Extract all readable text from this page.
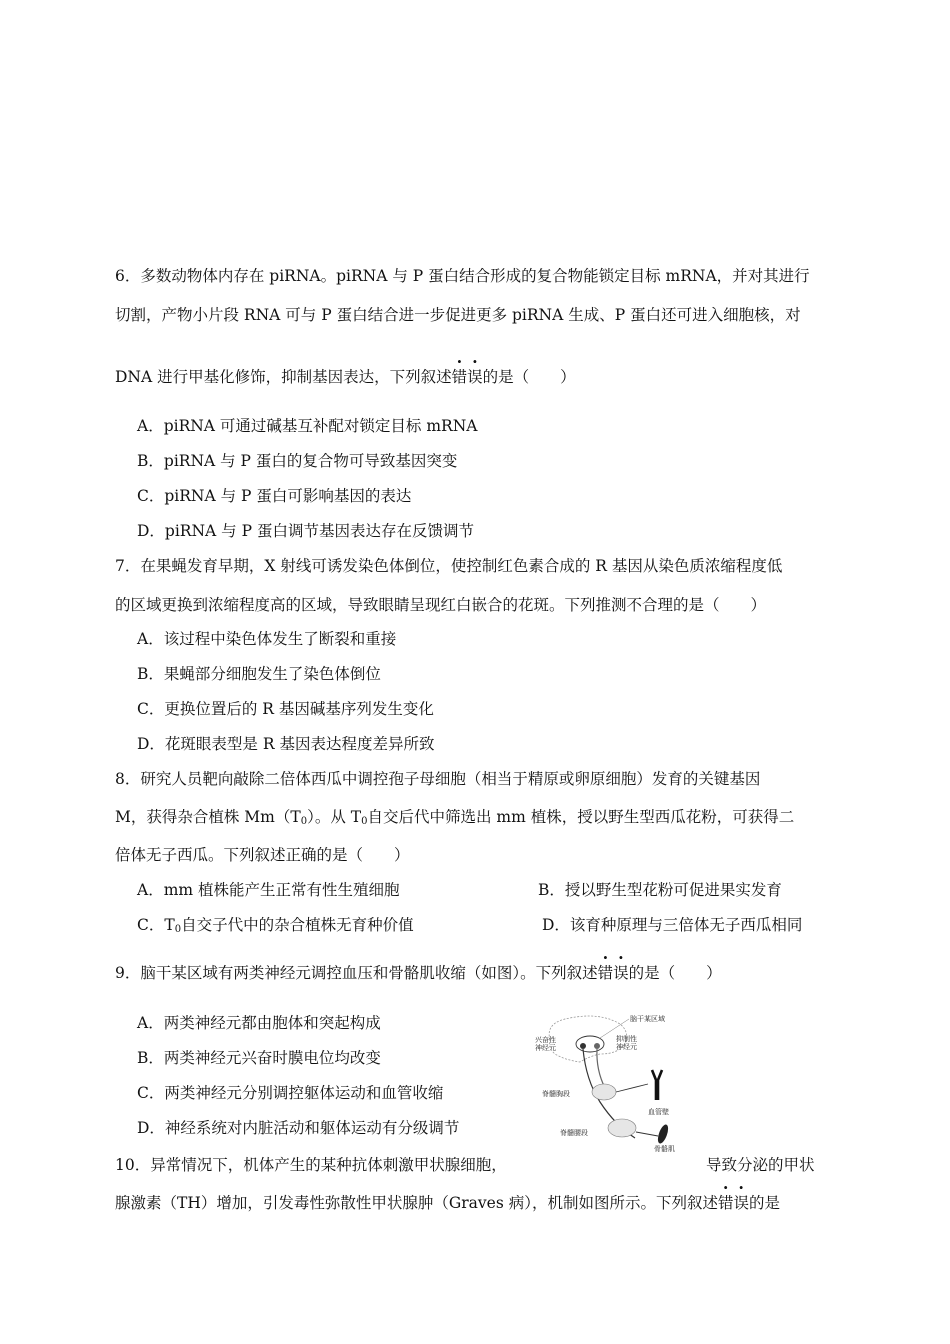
6．多数动物体内存在 piRNA。piRNA 与 P 蛋白结合形成的复合物能锁定目标 mRNA，并对其进行
切割，产物小片段 RNA 可与 P 蛋白结合进一步促进更多 piRNA 生成、P 蛋白还可进入细胞核，对
DNA 进行甲基化修饰，抑制基因表达，下列叙述错误的是（　　）
A．piRNA 可通过碱基互补配对锁定目标 mRNA
B．piRNA 与 P 蛋白的复合物可导致基因突变
C．piRNA 与 P 蛋白可影响基因的表达
D．piRNA 与 P 蛋白调节基因表达存在反馈调节
7．在果蝇发育早期，X 射线可诱发染色体倒位，使控制红色素合成的 R 基因从染色质浓缩程度低
的区域更换到浓缩程度高的区域，导致眼睛呈现红白嵌合的花斑。下列推测不合理的是（　　）
A．该过程中染色体发生了断裂和重接
B．果蝇部分细胞发生了染色体倒位
C．更换位置后的 R 基因碱基序列发生变化
D．花斑眼表型是 R 基因表达程度差异所致
8．研究人员靶向敲除二倍体西瓜中调控孢子母细胞（相当于精原或卵原细胞）发育的关键基因
M，获得杂合植株 $Mm(T_0)$。从 $T_0$自交后代中筛选出 mm 植株，授以野生型西瓜花粉，可获得二
倍体无子西瓜。下列叙述正确的是（　　）
A．mm 植株能产生正常有性生殖细胞	B．授以野生型花粉可促进果实发育
C．$T_0$自交子代中的杂合植株无育种价值	D．该育种原理与三倍体无子西瓜相同
9．脑干某区域有两类神经元调控血压和骨骼肌收缩（如图）。下列叙述错误的是（　　）
A．两类神经元都由胞体和突起构成
B．两类神经元兴奋时膜电位均改变
C．两类神经元分别调控躯体运动和血管收缩
D．神经系统对内脏活动和躯体运动有分级调节
脑干某区域
兴奋性
神经元
抑制性
神经元
脊髓胸段
血管壁
脊髓腰段
骨骼肌
10．异常情况下，机体产生的某种抗体刺激甲状腺细胞，	导致分泌的甲状
腺激素（TH）增加，引发毒性弥散性甲状腺肿（Graves 病），机制如图所示。下列叙述错误的是
